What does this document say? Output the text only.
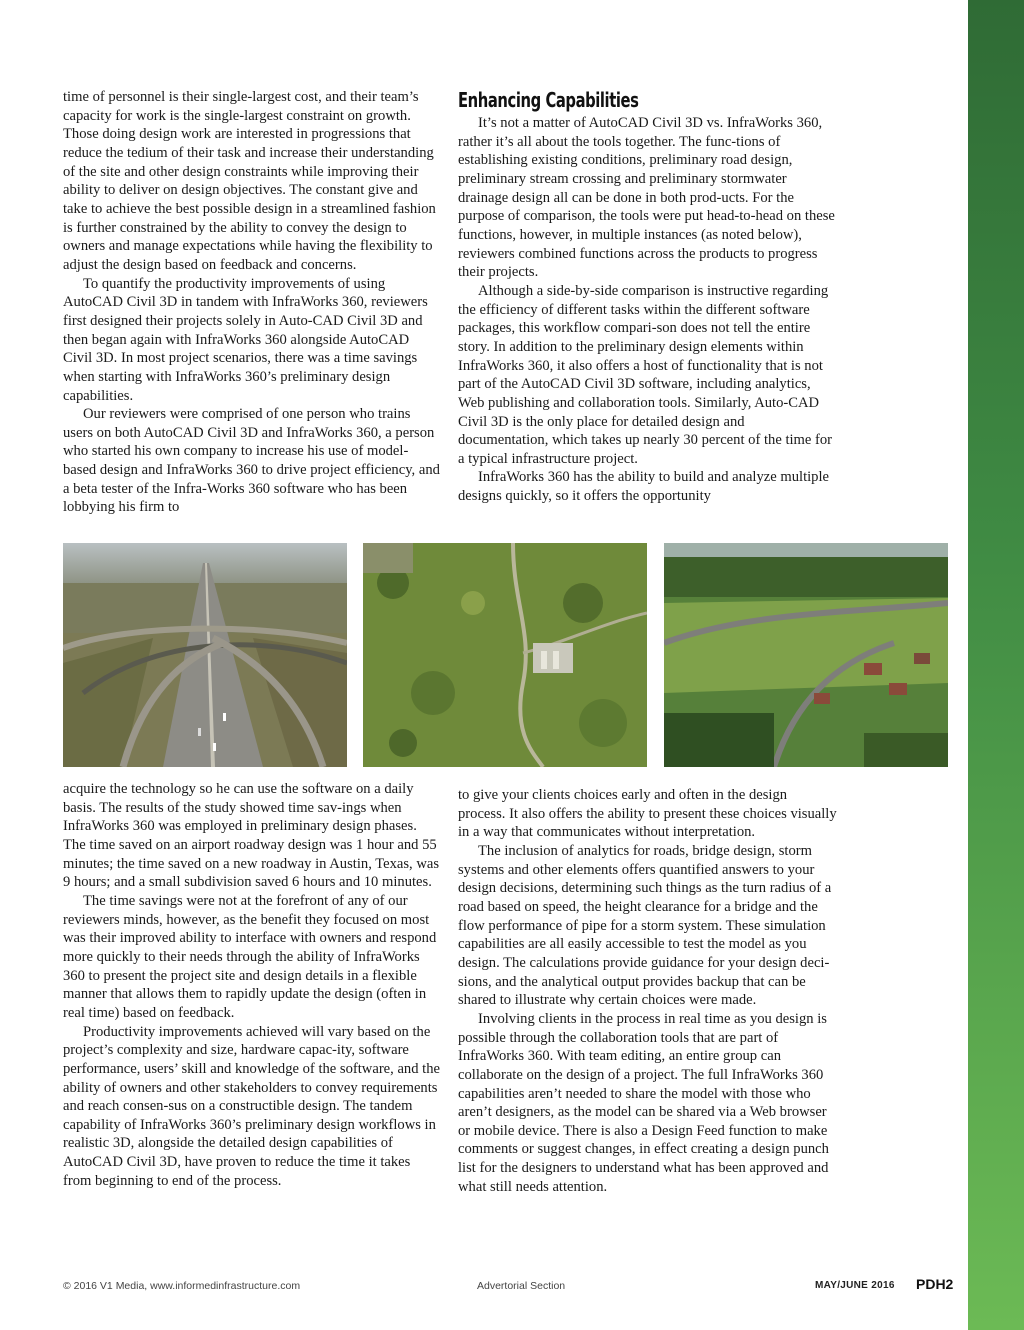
time of personnel is their single-largest cost, and their team’s capacity for work is the single-largest constraint on growth. Those doing design work are interested in progressions that reduce the tedium of their task and increase their understanding of the site and other design constraints while improving their ability to deliver on design objectives. The constant give and take to achieve the best possible design in a streamlined fashion is further constrained by the ability to convey the design to owners and manage expectations while having the flexibility to adjust the design based on feedback and concerns.

To quantify the productivity improvements of using AutoCAD Civil 3D in tandem with InfraWorks 360, reviewers first designed their projects solely in Auto-CAD Civil 3D and then began again with InfraWorks 360 alongside AutoCAD Civil 3D. In most project scenarios, there was a time savings when starting with InfraWorks 360’s preliminary design capabilities.

Our reviewers were comprised of one person who trains users on both AutoCAD Civil 3D and InfraWorks 360, a person who started his own company to increase his use of model-based design and InfraWorks 360 to drive project efficiency, and a beta tester of the Infra-Works 360 software who has been lobbying his firm to

Enhancing Capabilities

It’s not a matter of AutoCAD Civil 3D vs. InfraWorks 360, rather it’s all about the tools together. The func-tions of establishing existing conditions, preliminary road design, preliminary stream crossing and preliminary stormwater drainage design all can be done in both prod-ucts. For the purpose of comparison, the tools were put head-to-head on these functions, however, in multiple instances (as noted below), reviewers combined functions across the products to progress their projects.

Although a side-by-side comparison is instructive regarding the efficiency of different tasks within the different software packages, this workflow compari-son does not tell the entire story. In addition to the preliminary design elements within InfraWorks 360, it also offers a host of functionality that is not part of the AutoCAD Civil 3D software, including analytics, Web publishing and collaboration tools. Similarly, Auto-CAD Civil 3D is the only place for detailed design and documentation, which takes up nearly 30 percent of the time for a typical infrastructure project.

InfraWorks 360 has the ability to build and analyze multiple designs quickly, so it offers the opportunity

acquire the technology so he can use the software on a daily basis. The results of the study showed time sav-ings when InfraWorks 360 was employed in preliminary design phases. The time saved on an airport roadway design was 1 hour and 55 minutes; the time saved on a new roadway in Austin, Texas, was 9 hours; and a small subdivision saved 6 hours and 10 minutes.

The time savings were not at the forefront of any of our reviewers minds, however, as the benefit they focused on most was their improved ability to interface with owners and respond more quickly to their needs through the ability of InfraWorks 360 to present the project site and design details in a flexible manner that allows them to rapidly update the design (often in real time) based on feedback.

Productivity improvements achieved will vary based on the project’s complexity and size, hardware capac-ity, software performance, users’ skill and knowledge of the software, and the ability of owners and other stakeholders to convey requirements and reach consen-sus on a constructible design. The tandem capability of InfraWorks 360’s preliminary design workflows in realistic 3D, alongside the detailed design capabilities of AutoCAD Civil 3D, have proven to reduce the time it takes from beginning to end of the process.

to give your clients choices early and often in the design process. It also offers the ability to present these choices visually in a way that communicates without interpretation.

The inclusion of analytics for roads, bridge design, storm systems and other elements offers quantified answers to your design decisions, determining such things as the turn radius of a road based on speed, the height clearance for a bridge and the flow performance of pipe for a storm system. These simulation capabilities are all easily accessible to test the model as you design. The calculations provide guidance for your design deci-sions, and the analytical output provides backup that can be shared to illustrate why certain choices were made.

Involving clients in the process in real time as you design is possible through the collaboration tools that are part of InfraWorks 360. With team editing, an entire group can collaborate on the design of a project. The full InfraWorks 360 capabilities aren’t needed to share the model with those who aren’t designers, as the model can be shared via a Web browser or mobile device. There is also a Design Feed function to make comments or suggest changes, in effect creating a design punch list for the designers to understand what has been approved and what still needs attention.

© 2016 V1 Media, www.informedinfrastructure.com	Advertorial Section	MAY/JUNE 2016 PDH2
